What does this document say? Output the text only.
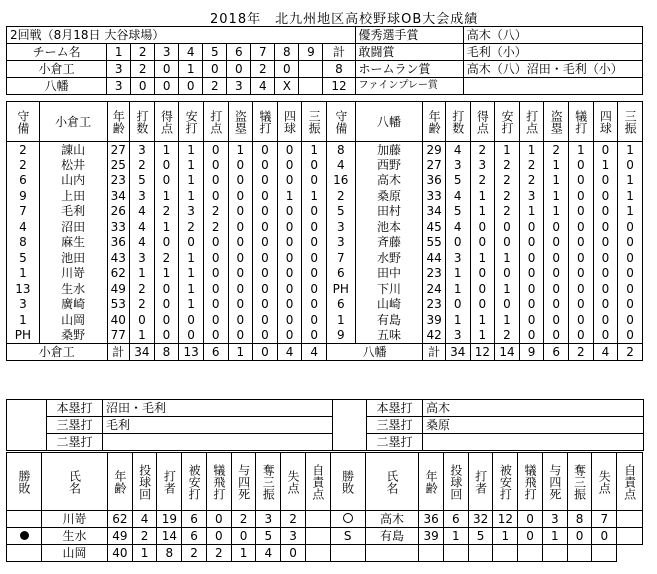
2018年　北九州地区高校野球OB大会成績
2回戦（8月18日 大谷球場）											優秀選手賞	高木（八）
チーム名	1	2	3	4	5	6	7	8	9	計	敢闘賞	毛利（小）
小倉工	3	2	0	1	0	0	2	0		8	ホームラン賞	高木（八）沼田・毛利（小）
八幡	3	0	0	0	2	3	4	X		12	ファインプレー賞	
守備	小倉工	年齢	打数	得点	安打	打点	盗塁	犠打	四球	三振	守備	八幡	年齢	打数	得点	安打	打点	盗塁	犠打	四球	三振
2	諌山	27	3	1	1	0	1	0	0	1	8	加藤	29	4	2	1	1	2	1	0	1
2	松井	25	2	0	1	0	0	0	0	0	4	西野	27	3	3	2	2	1	0	1	0
6	山内	23	5	0	1	0	0	0	0	0	16	高木	36	5	2	2	2	1	0	0	1
9	上田	34	3	1	1	0	0	0	1	1	2	桑原	33	4	1	2	3	1	0	0	1
7	毛利	26	4	2	3	2	0	0	0	0	5	田村	34	5	1	2	1	1	0	0	1
4	沼田	33	4	1	2	2	0	0	0	0	3	池本	45	4	0	0	0	0	0	0	0
8	麻生	36	4	0	0	0	0	0	0	0	3	斉藤	55	0	0	0	0	0	0	0	0
5	池田	43	3	2	1	0	0	0	0	0	7	水野	44	3	1	1	0	0	0	0	0
1	川嵜	62	1	1	1	0	0	0	0	0	6	田中	23	1	0	0	0	0	0	0	0
13	生水	49	2	0	1	0	0	0	0	0	PH	下川	24	1	0	1	0	0	0	0	0
3	廣崎	53	2	0	1	0	0	0	0	0	6	山崎	23	0	0	0	0	0	0	0	0
1	山岡	40	0	0	0	0	0	0	0	0	1	有島	39	1	1	1	0	0	0	0	0
PH	桑野	77	1	0	0	0	0	0	0	0	9	五味	42	3	1	2	0	0	0	0	0
小倉工		計	34	8	13	6	1	0	4	4	八幡		計	34	12	14	9	6	2	4	2
	本塁打	沼田・毛利		本塁打	高木
	三塁打	毛利		三塁打	桑原
	二塁打			二塁打	
勝敗	氏名	年齢	投球回	打者	被安打	犠飛打	与四死	奪三振	失点	自責点	勝敗	氏名	年齢	投球回	打者	被安打	犠飛打	与四死	奪三振	失点	自責点
	川嵜	62	4	19	6	0	2	3	2			高木	36	6	32	12	0	3	8	7	
	生水	49	2	14	6	0	0	5	3		S	有島	39	1	5	1	0	1	0	0	
	山岡	40	1	8	2	2	1	4	0												
